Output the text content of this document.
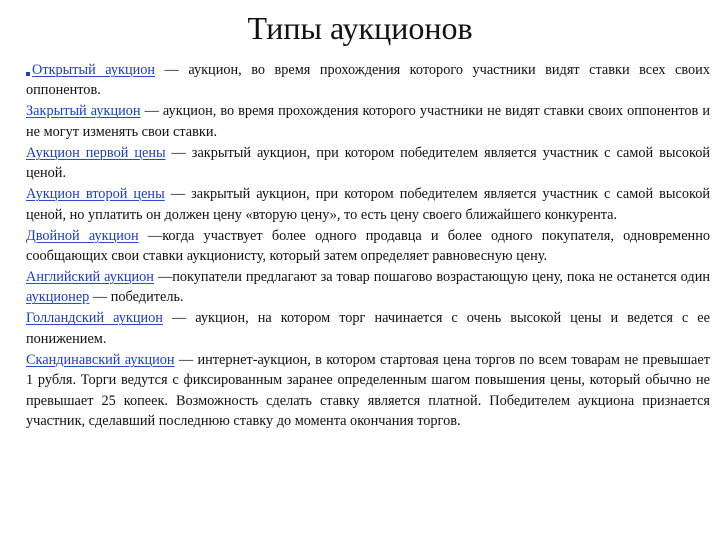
Типы аукционов
Открытый аукцион — аукцион, во время прохождения которого участники видят ставки всех своих оппонентов.
Закрытый аукцион — аукцион, во время прохождения которого участники не видят ставки своих оппонентов и не могут изменять свои ставки.
Аукцион первой цены — закрытый аукцион, при котором победителем является участник с самой высокой ценой.
Аукцион второй цены — закрытый аукцион, при котором победителем является участник с самой высокой ценой, но уплатить он должен цену «вторую цену», то есть цену своего ближайшего конкурента.
Двойной аукцион —когда участвует более одного продавца и более одного покупателя, одновременно сообщающих свои ставки аукционисту, который затем определяет равновесную цену.
Английский аукцион —покупатели предлагают за товар пошагово возрастающую цену, пока не останется один аукционер — победитель.
Голландский аукцион — аукцион, на котором торг начинается с очень высокой цены и ведется с ее понижением.
Скандинавский аукцион — интернет-аукцион, в котором стартовая цена торгов по всем товарам не превышает 1 рубля. Торги ведутся с фиксированным заранее определенным шагом повышения цены, который обычно не превышает 25 копеек. Возможность сделать ставку является платной. Победителем аукциона признается участник, сделавший последнюю ставку до момента окончания торгов.
